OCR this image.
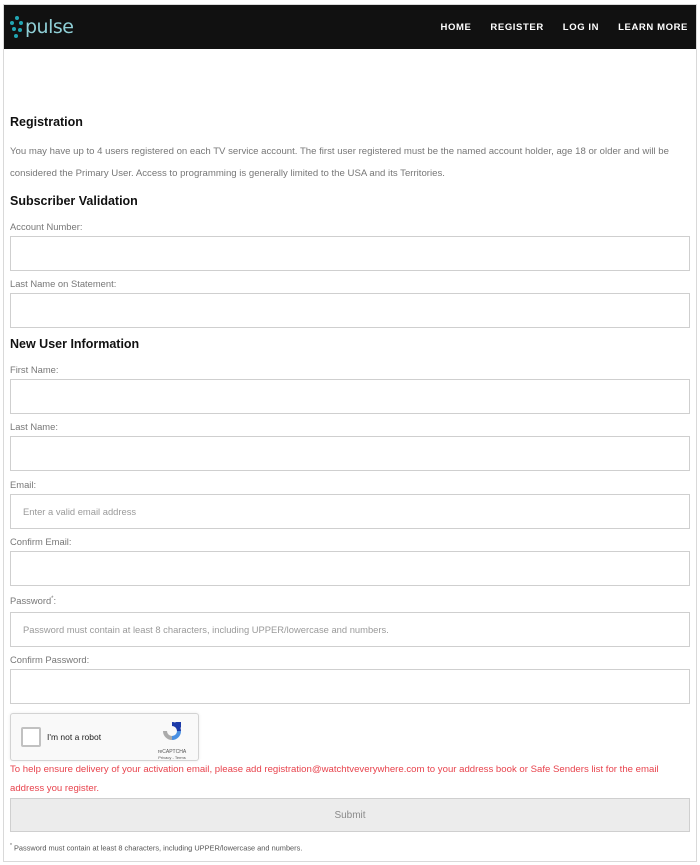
pulse	HOME REGISTER LOG IN LEARN MORE
Registration

You may have up to 4 users registered on each TV service account. The first user registered must be the named account holder, age 18 or older and will be considered the Primary User. Access to programming is generally limited to the USA and its Territories.

Subscriber Validation
Account Number:
Last Name on Statement:
New User Information
First Name:
Last Name:
Email:
Enter a valid email address
Confirm Email:
Password*:
Confirm Password:
I'm not a robot
reCAPTCHA
Privacy - Terms

To help ensure delivery of your activation email, please add registration@watchtveverywhere.com to your address book or Safe Senders list for the email address you register.

Submit

* Password must contain at least 8 characters, including UPPER/lowercase and numbers.
